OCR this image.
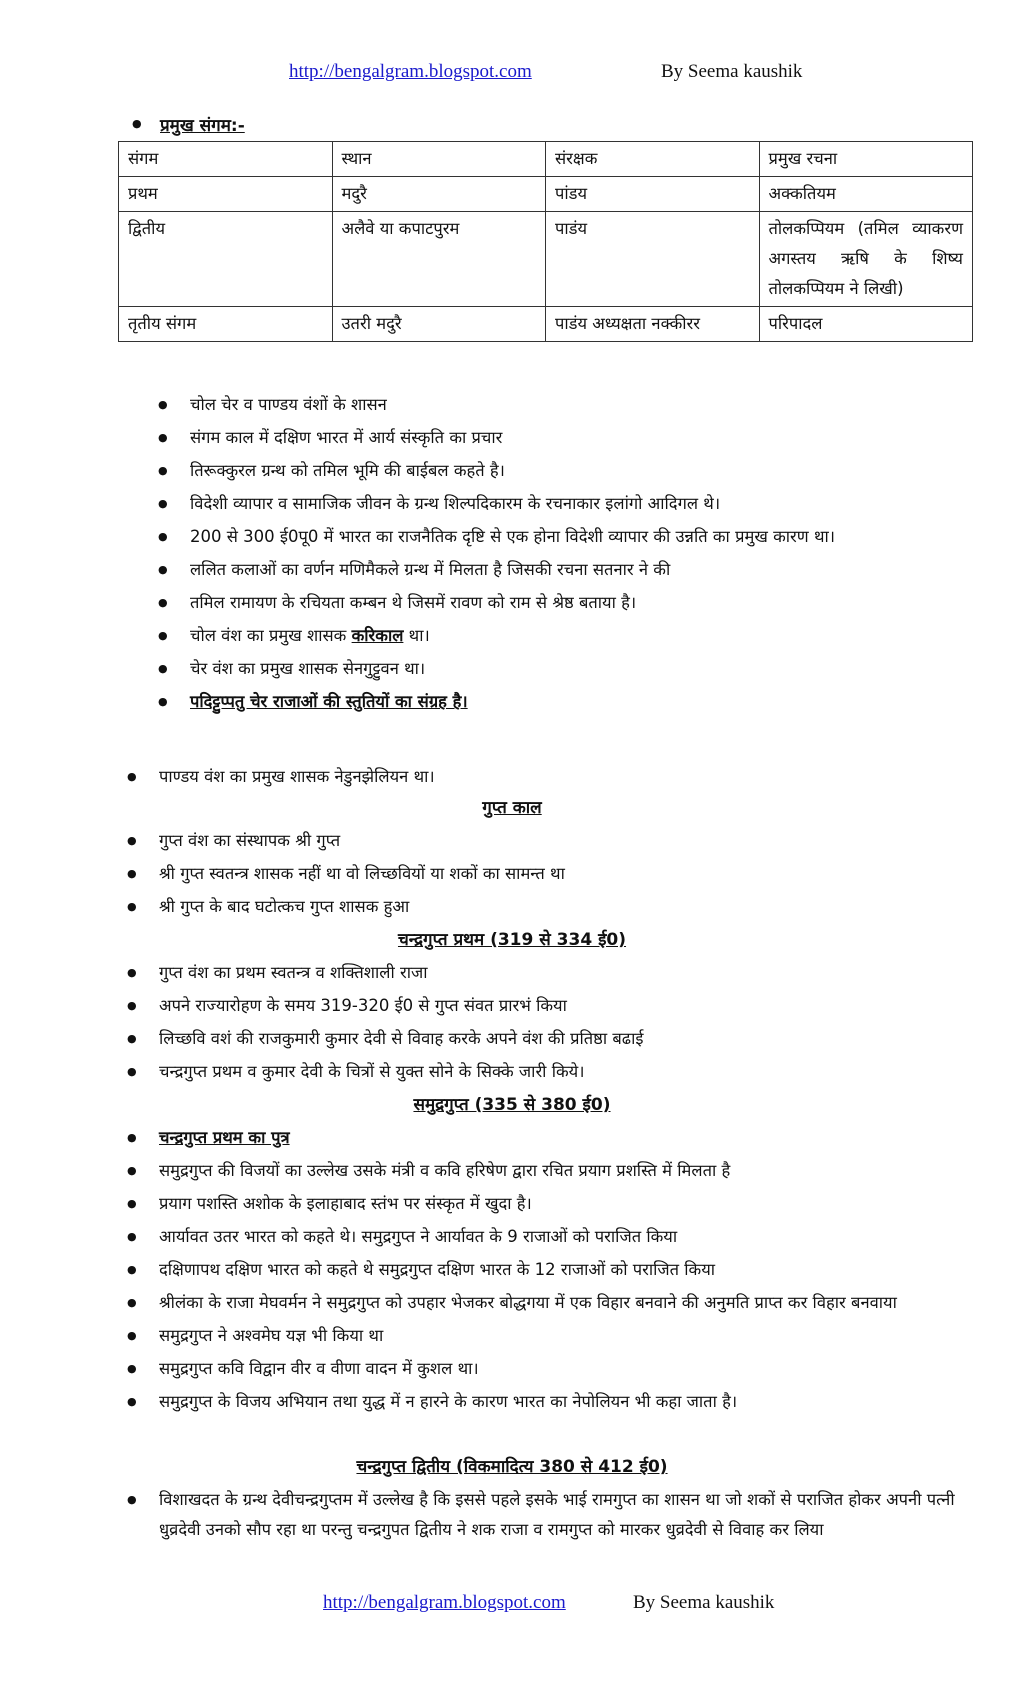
http://bengalgram.blogspot.com	By Seema kaushik
● प्रमुख संगम:-
संगम	स्थान	संरक्षक	प्रमुख रचना
प्रथम	मदुरै	पांडय	अक्कतियम
द्वितीय	अलैवे या कपाटपुरम	पाडंय	तोलकप्पियम (तमिल व्याकरण अगस्तय ऋषि के शिष्य तोलकप्पियम ने लिखी)
तृतीय संगम	उतरी मदुरै	पाडंय अध्यक्षता नक्कीरर	परिपादल
● चोल चेर व पाण्डय वंशों के शासन
● संगम काल में दक्षिण भारत में आर्य संस्कृति का प्रचार
● तिरूक्कुरल ग्रन्थ को तमिल भूमि की बाईबल कहते है।
● विदेशी व्यापार व सामाजिक जीवन के ग्रन्थ शिल्पदिकारम के रचनाकार इलांगो आदिगल थे।
● 200 से 300 ई0पू0 में भारत का राजनैतिक दृष्टि से एक होना विदेशी व्यापार की उन्नति का प्रमुख कारण था।
● ललित कलाओं का वर्णन मणिमैकले ग्रन्थ में मिलता है जिसकी रचना सतनार ने की
● तमिल रामायण के रचियता कम्बन थे जिसमें रावण को राम से श्रेष्ठ बताया है।
● चोल वंश का प्रमुख शासक करिकाल था।
● चेर वंश का प्रमुख शासक सेनगुट्टुवन था।
● पदिट्टुप्पतु चेर राजाओं की स्तुतियों का संग्रह है।
● पाण्डय वंश का प्रमुख शासक नेडुनझेलियन था।
गुप्त काल
● गुप्त वंश का संस्थापक श्री गुप्त
● श्री गुप्त स्वतन्त्र शासक नहीं था वो लिच्छवियों या शकों का सामन्त था
● श्री गुप्त के बाद घटोत्कच गुप्त शासक हुआ
चन्द्रगुप्त प्रथम (319 से 334 ई0)
● गुप्त वंश का प्रथम स्वतन्त्र व शक्तिशाली राजा
● अपने राज्यारोहण के समय 319-320 ई0 से गुप्त संवत प्रारभं किया
● लिच्छवि वशं की राजकुमारी कुमार देवी से विवाह करके अपने वंश की प्रतिष्ठा बढाई
● चन्द्रगुप्त प्रथम व कुमार देवी के चित्रों से युक्त सोने के सिक्के जारी किये।
समुद्रगुप्त (335 से 380 ई0)
● चन्द्रगुप्त प्रथम का पुत्र
● समुद्रगुप्त की विजयों का उल्लेख उसके मंत्री व कवि हरिषेण द्वारा रचित प्रयाग प्रशस्ति में मिलता है
● प्रयाग पशस्ति अशोक के इलाहाबाद स्तंभ पर संस्कृत में खुदा है।
● आर्यावत उतर भारत को कहते थे। समुद्रगुप्त ने आर्यावत के 9 राजाओं को पराजित किया
● दक्षिणापथ दक्षिण भारत को कहते थे समुद्रगुप्त दक्षिण भारत के 12 राजाओं को पराजित किया
● श्रीलंका के राजा मेघवर्मन ने समुद्रगुप्त को उपहार भेजकर बोद्धगया में एक विहार बनवाने की अनुमति प्राप्त कर विहार बनवाया
● समुद्रगुप्त ने अश्वमेघ यज्ञ भी किया था
● समुद्रगुप्त कवि विद्वान वीर व वीणा वादन में कुशल था।
● समुद्रगुप्त के विजय अभियान तथा युद्ध में न हारने के कारण भारत का नेपोलियन भी कहा जाता है।
चन्द्रगुप्त द्वितीय (विकमादित्य 380 से 412 ई0)
● विशाखदत के ग्रन्थ देवीचन्द्रगुप्तम में उल्लेख है कि इससे पहले इसके भाई रामगुप्त का शासन था जो शकों से पराजित होकर अपनी पत्नी धुव्रदेवी उनको सौप रहा था परन्तु चन्द्रगुपत द्वितीय ने शक राजा व रामगुप्त को मारकर धुव्रदेवी से विवाह कर लिया
http://bengalgram.blogspot.com	By Seema kaushik
